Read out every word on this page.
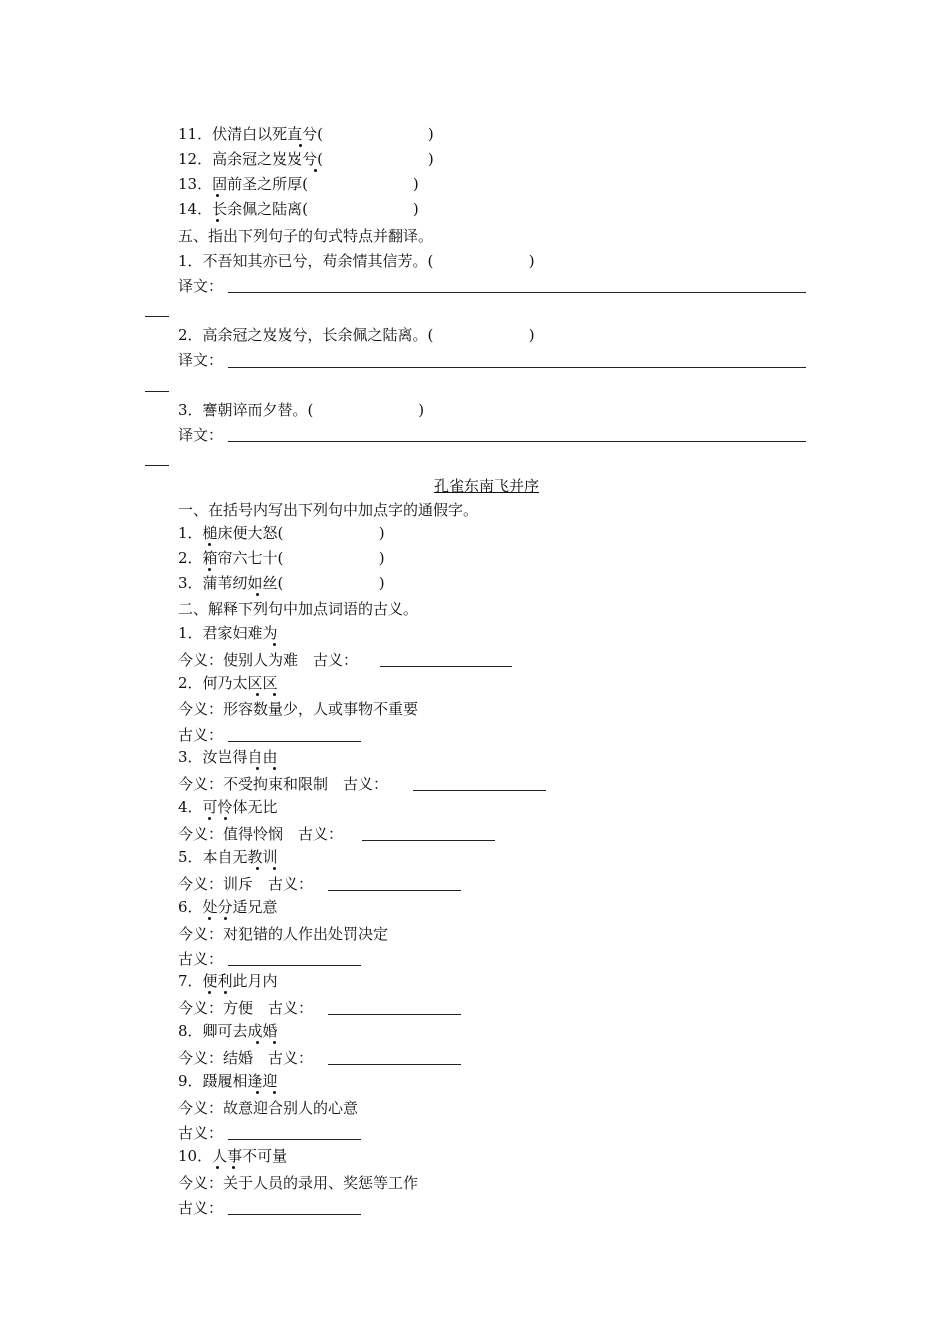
11．伏清白以死直兮(                      )
12．高余冠之岌岌兮(                      )
13．固前圣之所厚(                      )
14．长余佩之陆离(                      )
五、指出下列句子的句式特点并翻译。
1．不吾知其亦已兮，苟余情其信芳。(                    )
译文：
2．高余冠之岌岌兮，长余佩之陆离。(                    )
译文：
3．謇朝谇而夕替。(                      )
译文：
孔雀东南飞并序
一、在括号内写出下列句中加点字的通假字。
1．槌床便大怒(                    )
2．箱帘六七十(                    )
3．蒲苇纫如丝(                    )
二、解释下列句中加点词语的古义。
1．君家妇难为
今义：使别人为难　古义：
2．何乃太区区
今义：形容数量少，人或事物不重要
古义：
3．汝岂得自由
今义：不受拘束和限制　古义：
4．可怜体无比
今义：值得怜悯　古义：
5．本自无教训
今义：训斥　古义：
6．处分适兄意
今义：对犯错的人作出处罚决定
古义：
7．便利此月内
今义：方便　古义：
8．卿可去成婚
今义：结婚　古义：
9．蹑履相逢迎
今义：故意迎合别人的心意
古义：
10．人事不可量
今义：关于人员的录用、奖惩等工作
古义：
